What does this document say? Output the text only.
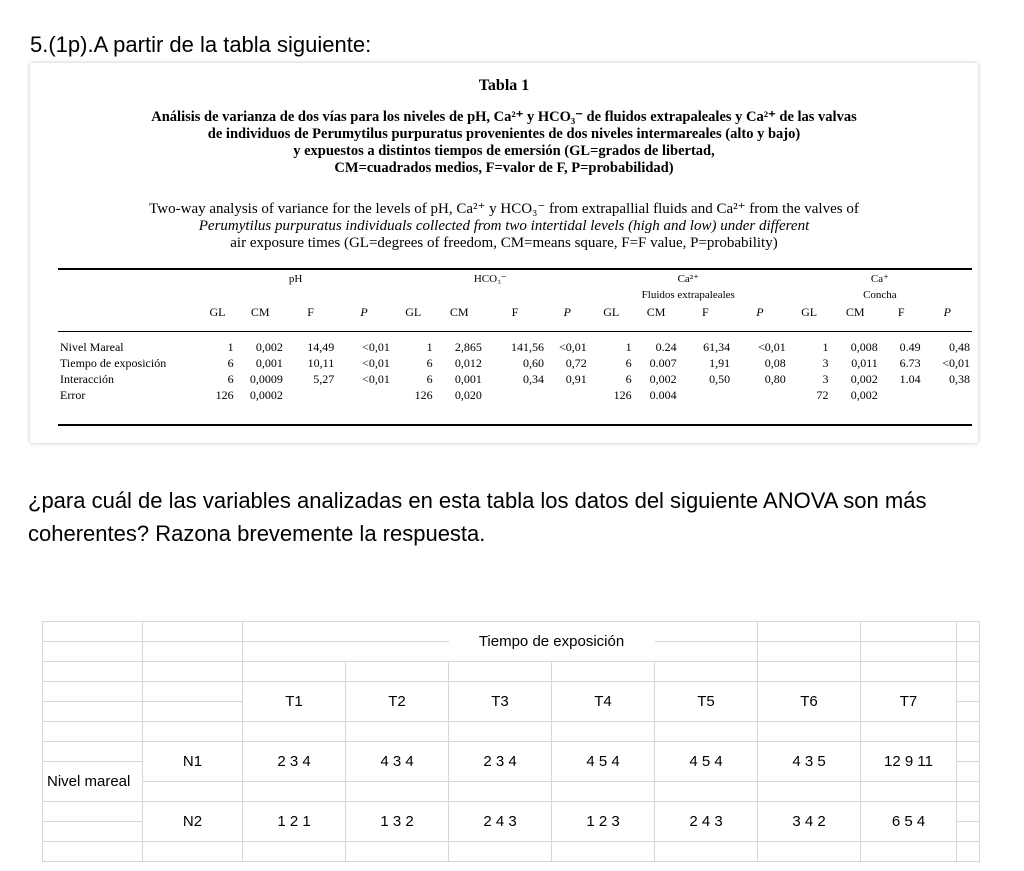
5.(1p).A partir de la tabla siguiente:
Tabla 1
Análisis de varianza de dos vías para los niveles de pH, Ca²⁺ y HCO₃⁻ de fluidos extrapaleales y Ca²⁺ de las valvas
de individuos de Perumytilus purpuratus provenientes de dos niveles intermareales (alto y bajo)
y expuestos a distintos tiempos de emersión (GL=grados de libertad,
CM=cuadrados medios, F=valor de F, P=probabilidad)
Two-way analysis of variance for the levels of pH, Ca²⁺ y HCO₃⁻ from extrapallial fluids and Ca²⁺ from the valves of
Perumytilus purpuratus individuals collected from two intertidal levels (high and low) under different
air exposure times (GL=degrees of freedom, CM=means square, F=F value, P=probability)
	pH				HCO₃⁻				Ca²⁺				Ca⁺			
									Fluidos extrapaleales				Concha			
	GL	CM	F	P	GL	CM	F	P	GL	CM	F	P	GL	CM	F	P

Nivel Mareal	1	0,002	14,49	<0,01	1	2,865	141,56	<0,01	1	0.24	61,34	<0,01	1	0,008	0.49	0,48
Tiempo de exposición	6	0,001	10,11	<0,01	6	0,012	0,60	0,72	6	0.007	1,91	0,08	3	0,011	6.73	<0,01
Interacción	6	0,0009	5,27	<0,01	6	0,001	0,34	0,91	6	0,002	0,50	0,80	3	0,002	1.04	0,38
Error	126	0,0002			126	0,020			126	0.004			72	0,002		
¿para cuál de las variables analizadas en esta tabla los datos del siguiente ANOVA son más coherentes? Razona brevemente la respuesta.
				Tiempo de exposición					

		T1	T2	T3	T4	T5	T6	T7	

	N1	2 3 4	4 3 4	2 3 4	4 5 4	4 5 4	4 3 5	12 9 11	
Nivel mareal									

	N2	1 2 1	1 3 2	2 4 3	1 2 3	2 4 3	3 4 2	6 5 4	
